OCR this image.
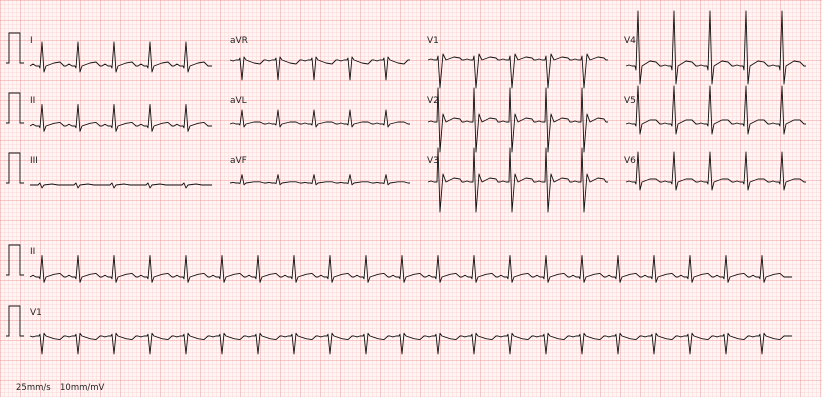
I	aVR	V1	V4
II	aVL	V2	V5
III	aVF	V3	V6
II
V1
25mm/s 10mm/mV
